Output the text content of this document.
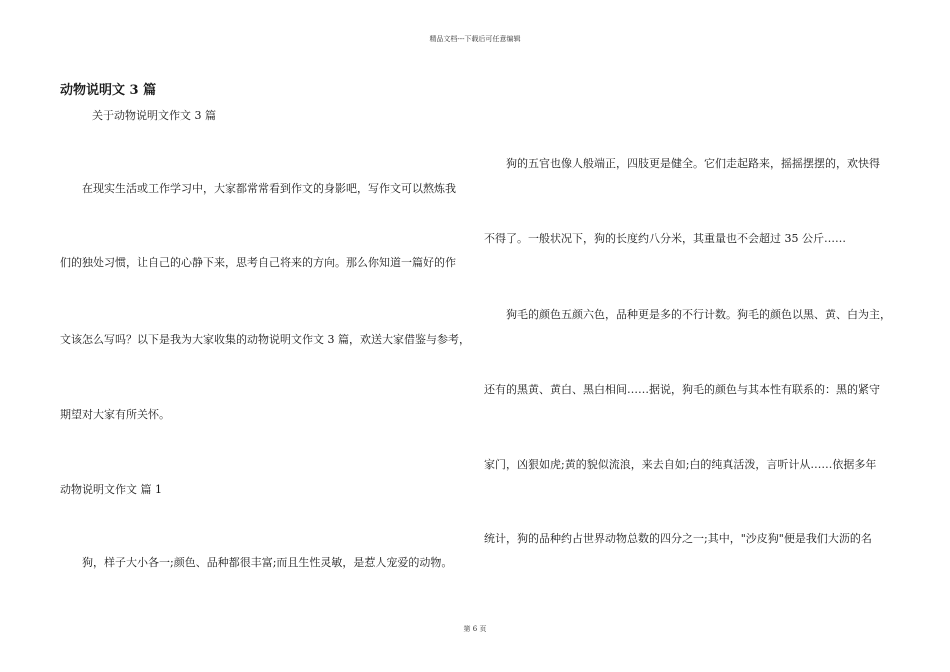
精品文档---下载后可任意编辑
动物说明文 3 篇
关于动物说明文作文 3 篇
在现实生活或工作学习中，大家都常常看到作文的身影吧，写作文可以熬炼我
们的独处习惯，让自己的心静下来，思考自己将来的方向。那么你知道一篇好的作
文该怎么写吗？以下是我为大家收集的动物说明文作文 3 篇，欢送大家借鉴与参考，
期望对大家有所关怀。
动物说明文作文 篇 1
狗，样子大小各一;颜色、品种都很丰富;而且生性灵敏，是惹人宠爱的动物。
狗的五官也像人般端正，四肢更是健全。它们走起路来，摇摇摆摆的，欢快得
不得了。一般状况下，狗的长度约八分米，其重量也不会超过 35 公斤……
狗毛的颜色五颜六色，品种更是多的不行计数。狗毛的颜色以黑、黄、白为主，
还有的黑黄、黄白、黑白相间……据说，狗毛的颜色与其本性有联系的：黑的紧守
家门，凶狠如虎;黄的貌似流浪，来去自如;白的纯真活泼，言听计从……依据多年
统计，狗的品种约占世界动物总数的四分之一;其中，"沙皮狗"便是我们大沥的名
第 6 页
